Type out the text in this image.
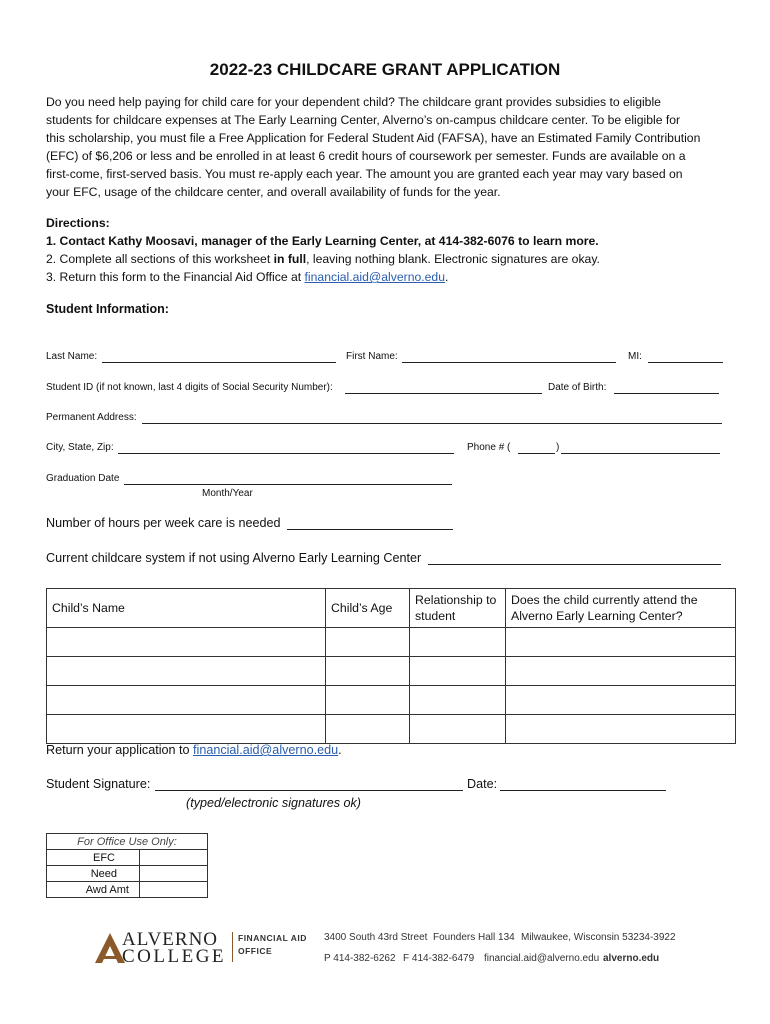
2022-23 CHILDCARE GRANT APPLICATION
Do you need help paying for child care for your dependent child? The childcare grant provides subsidies to eligible
students for childcare expenses at The Early Learning Center, Alverno’s on-campus childcare center. To be eligible for
this scholarship, you must file a Free Application for Federal Student Aid (FAFSA), have an Estimated Family Contribution
(EFC) of $6,206 or less and be enrolled in at least 6 credit hours of coursework per semester. Funds are available on a
first-come, first-served basis. You must re-apply each year. The amount you are granted each year may vary based on
your EFC, usage of the childcare center, and overall availability of funds for the year.
Directions:
1. Contact Kathy Moosavi, manager of the Early Learning Center, at 414-382-6076 to learn more.
2. Complete all sections of this worksheet in full, leaving nothing blank. Electronic signatures are okay.
3. Return this form to the Financial Aid Office at financial.aid@alverno.edu.
Student Information:
Last Name:	First Name:	MI:
Student ID (if not known, last 4 digits of Social Security Number):	Date of Birth:
Permanent Address:
City, State, Zip:	Phone # (	)
Graduation Date
Month/Year
Number of hours per week care is needed
Current childcare system if not using Alverno Early Learning Center
Child’s Name	Child’s Age	Relationship to student	Does the child currently attend the Alverno Early Learning Center?

Return your application to financial.aid@alverno.edu.
Student Signature:	Date:
(typed/electronic signatures ok)
For Office Use Only:	
EFC	
Need	
Awd Amt	
ALVERNO
COLLEGE
FINANCIAL AID
OFFICE
3400 South 43rd Street Founders Hall 134 Milwaukee, Wisconsin 53234-3922
P 414-382-6262 F 414-382-6479 financial.aid@alverno.edu alverno.edu
